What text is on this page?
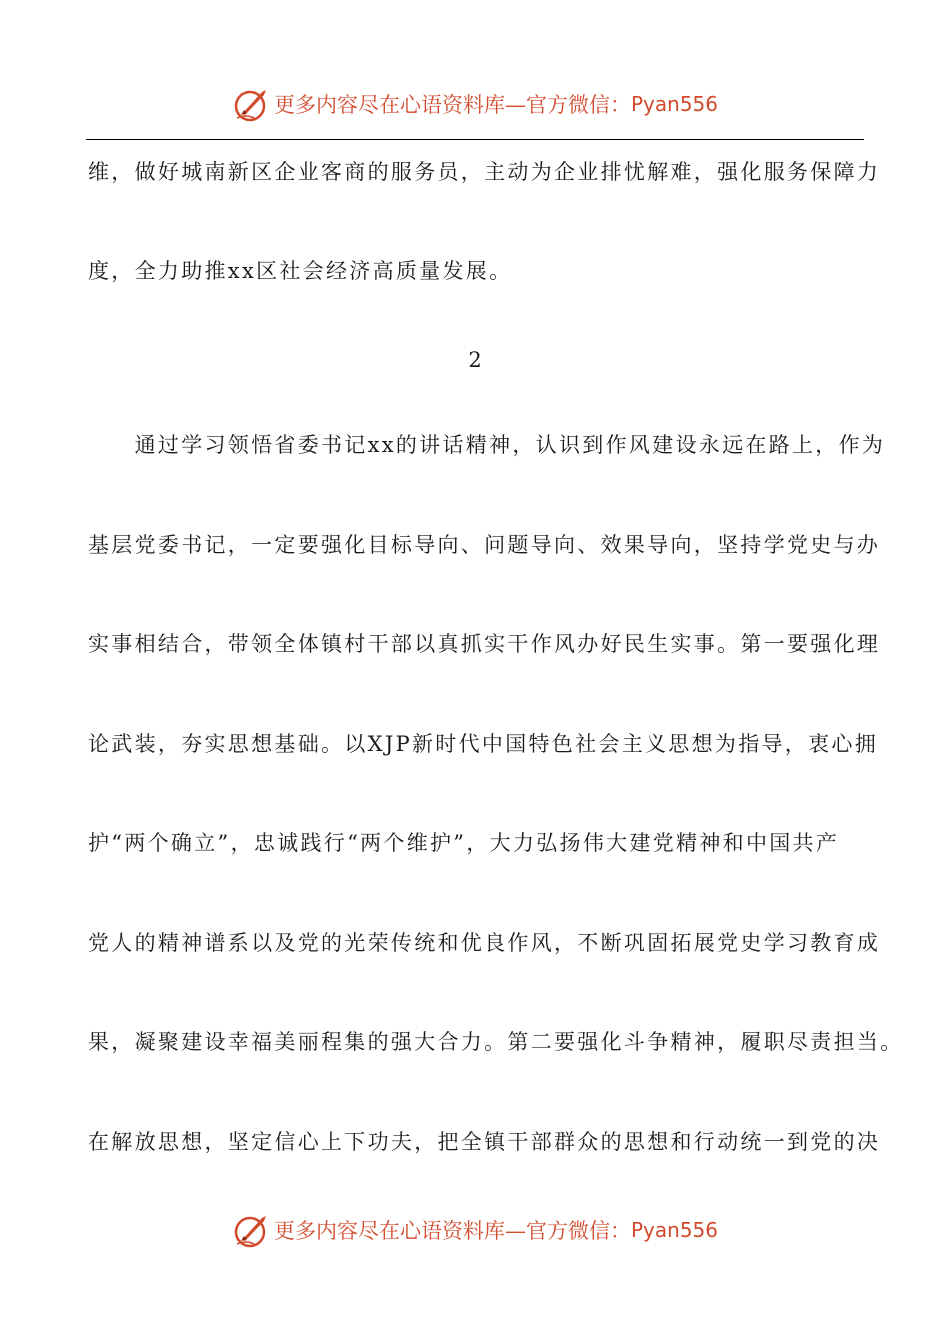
更多内容尽在心语资料库—官方微信： Pyan556
维，做好城南新区企业客商的服务员，主动为企业排忧解难，强化服务保障力
度，全力助推xx区社会经济高质量发展。
2
　　通过学习领悟省委书记xx的讲话精神，认识到作风建设永远在路上，作为
基层党委书记，一定要强化目标导向、问题导向、效果导向，坚持学党史与办
实事相结合，带领全体镇村干部以真抓实干作风办好民生实事。第一要强化理
论武装，夯实思想基础。以XJP新时代中国特色社会主义思想为指导，衷心拥
护“两个确立”，忠诚践行“两个维护”，大力弘扬伟大建党精神和中国共产
党人的精神谱系以及党的光荣传统和优良作风，不断巩固拓展党史学习教育成
果，凝聚建设幸福美丽程集的强大合力。第二要强化斗争精神，履职尽责担当。
在解放思想，坚定信心上下功夫，把全镇干部群众的思想和行动统一到党的决
更多内容尽在心语资料库—官方微信： Pyan556
